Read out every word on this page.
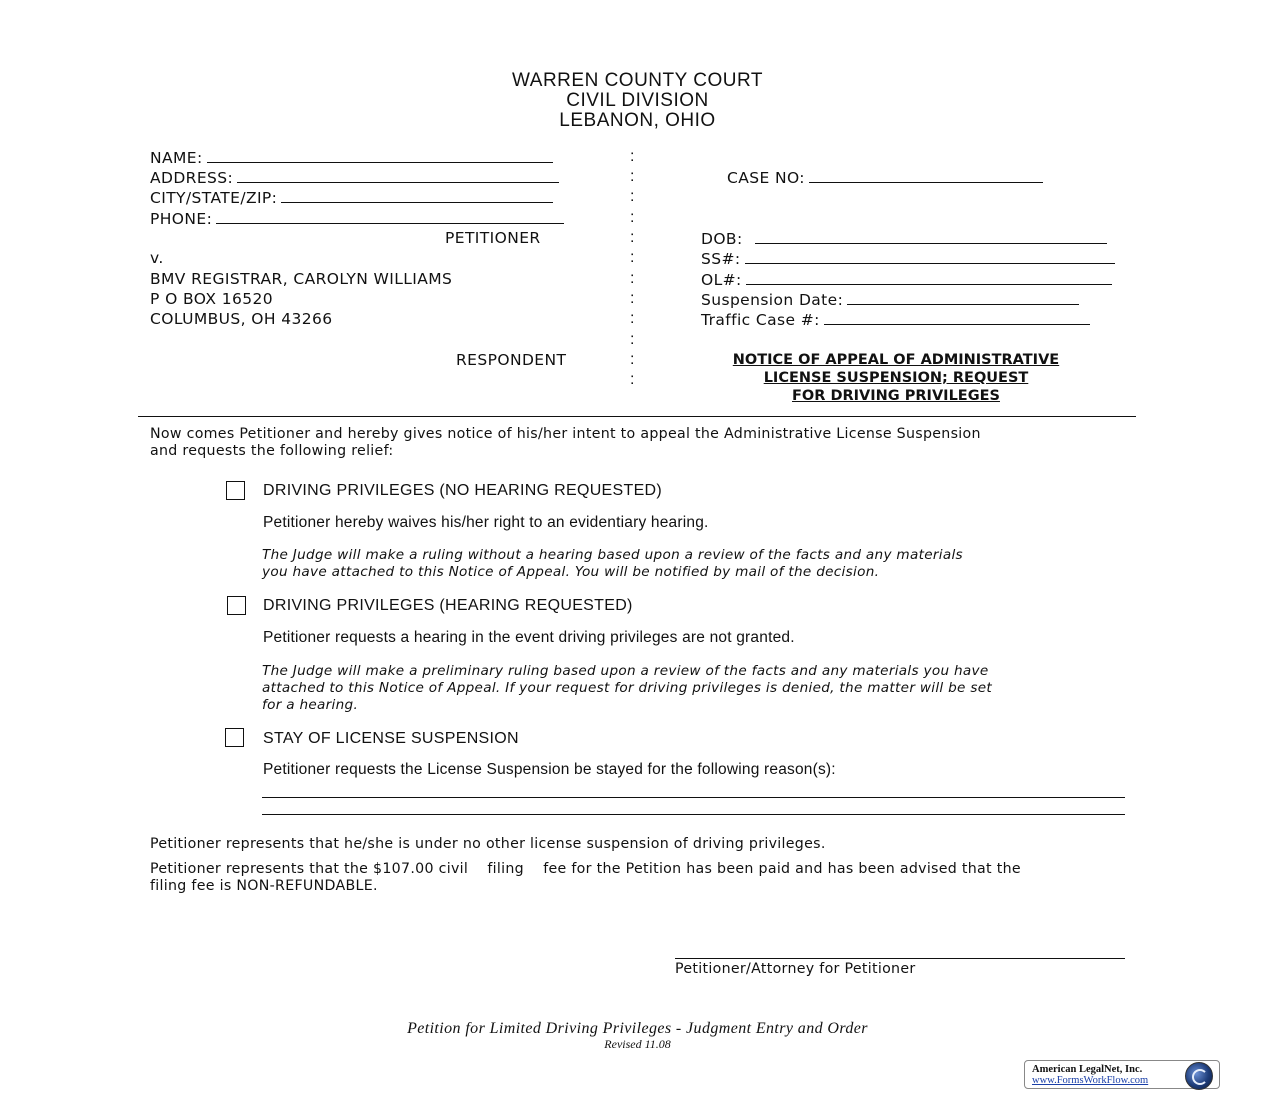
WARREN COUNTY COURT
CIVIL DIVISION
LEBANON, OHIO
NAME:
ADDRESS:
CITY/STATE/ZIP:
PHONE:
PETITIONER
v.
BMV REGISTRAR, CAROLYN WILLIAMS
P O BOX 16520
COLUMBUS, OH 43266
RESPONDENT
:
:
:
:
:
:
:
:
:
:
:
:
CASE NO:
DOB:
SS#:
OL#:
Suspension Date:
Traffic Case #:
NOTICE OF APPEAL OF ADMINISTRATIVE
LICENSE SUSPENSION; REQUEST
FOR DRIVING PRIVILEGES
Now comes Petitioner and hereby gives notice of his/her intent to appeal the Administrative License Suspension
and requests the following relief:
DRIVING PRIVILEGES (NO HEARING REQUESTED)
Petitioner hereby waives his/her right to an evidentiary hearing.
The Judge will make a ruling without a hearing based upon a review of the facts and any materials
you have attached to this Notice of Appeal. You will be notified by mail of the decision.
DRIVING PRIVILEGES (HEARING REQUESTED)
Petitioner requests a hearing in the event driving privileges are not granted.
The Judge will make a preliminary ruling based upon a review of the facts and any materials you have
attached to this Notice of Appeal. If your request for driving privileges is denied, the matter will be set
for a hearing.
STAY OF LICENSE SUSPENSION
Petitioner requests the License Suspension be stayed for the following reason(s):
Petitioner represents that he/she is under no other license suspension of driving privileges.
Petitioner represents that the $107.00 civil    filing    fee for the Petition has been paid and has been advised that the
filing fee is NON-REFUNDABLE.
Petitioner/Attorney for Petitioner
Petition for Limited Driving Privileges - Judgment Entry and Order
Revised 11.08
American LegalNet, Inc.
www.FormsWorkFlow.com
